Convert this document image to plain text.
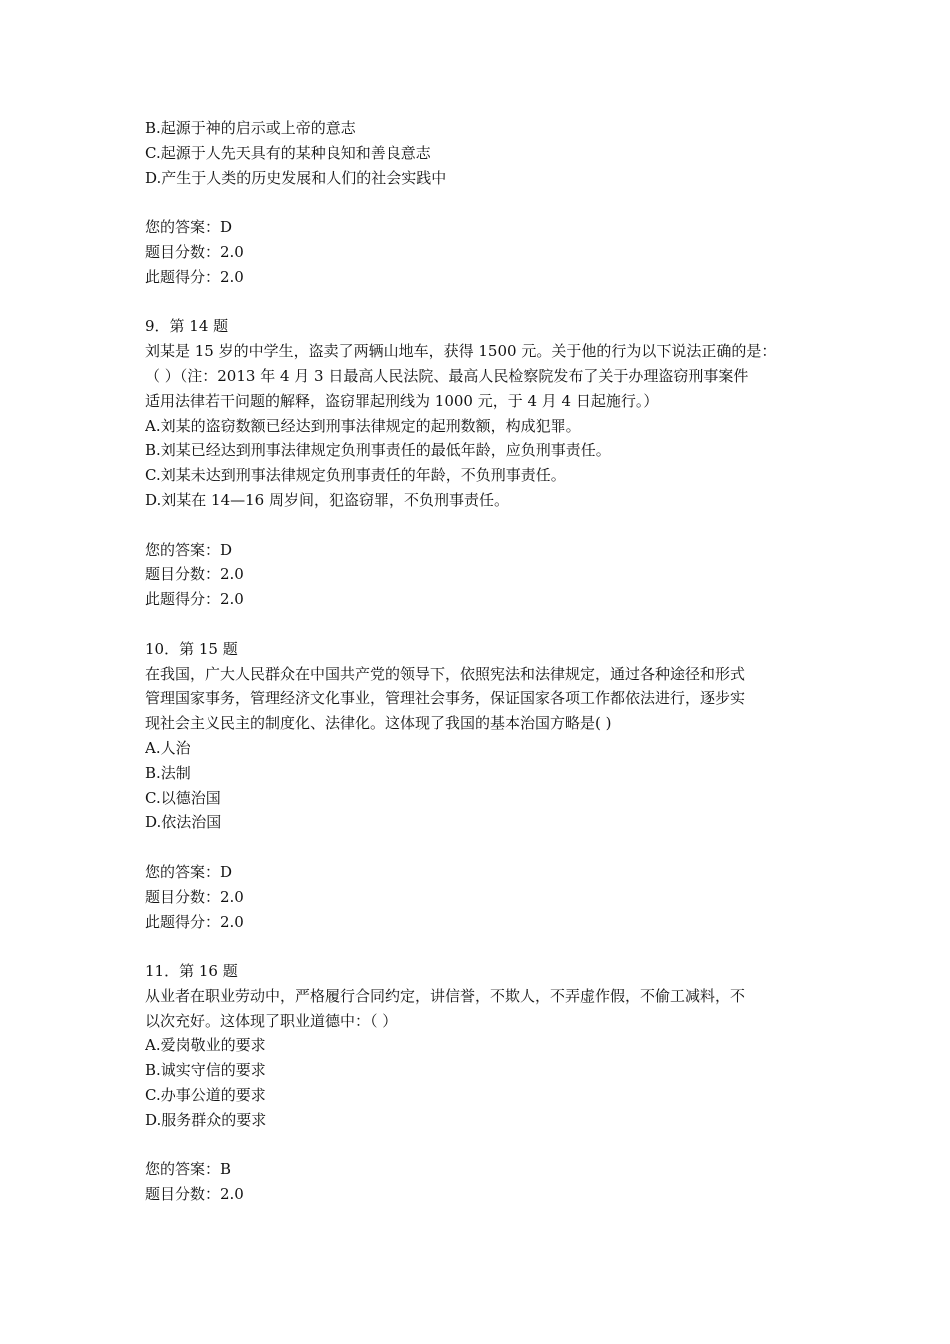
B.起源于神的启示或上帝的意志
C.起源于人先天具有的某种良知和善良意志
D.产生于人类的历史发展和人们的社会实践中
您的答案：D
题目分数：2.0
此题得分：2.0
9．第 14 题
刘某是 15 岁的中学生，盗卖了两辆山地车，获得 1500 元。关于他的行为以下说法正确的是：
（ ）（注：2013 年 4 月 3 日最高人民法院、最高人民检察院发布了关于办理盗窃刑事案件
适用法律若干问题的解释，盗窃罪起刑线为 1000 元，于 4 月 4 日起施行。）
A.刘某的盗窃数额已经达到刑事法律规定的起刑数额，构成犯罪。
B.刘某已经达到刑事法律规定负刑事责任的最低年龄，应负刑事责任。
C.刘某未达到刑事法律规定负刑事责任的年龄，不负刑事责任。
D.刘某在 14—16 周岁间，犯盗窃罪，不负刑事责任。
您的答案：D
题目分数：2.0
此题得分：2.0
10．第 15 题
在我国，广大人民群众在中国共产党的领导下，依照宪法和法律规定，通过各种途径和形式
管理国家事务，管理经济文化事业，管理社会事务，保证国家各项工作都依法进行，逐步实
现社会主义民主的制度化、法律化。这体现了我国的基本治国方略是( )
A.人治
B.法制
C.以德治国
D.依法治国
您的答案：D
题目分数：2.0
此题得分：2.0
11．第 16 题
从业者在职业劳动中，严格履行合同约定，讲信誉，不欺人，不弄虚作假，不偷工减料，不
以次充好。这体现了职业道德中：（ ）
A.爱岗敬业的要求
B.诚实守信的要求
C.办事公道的要求
D.服务群众的要求
您的答案：B
题目分数：2.0
